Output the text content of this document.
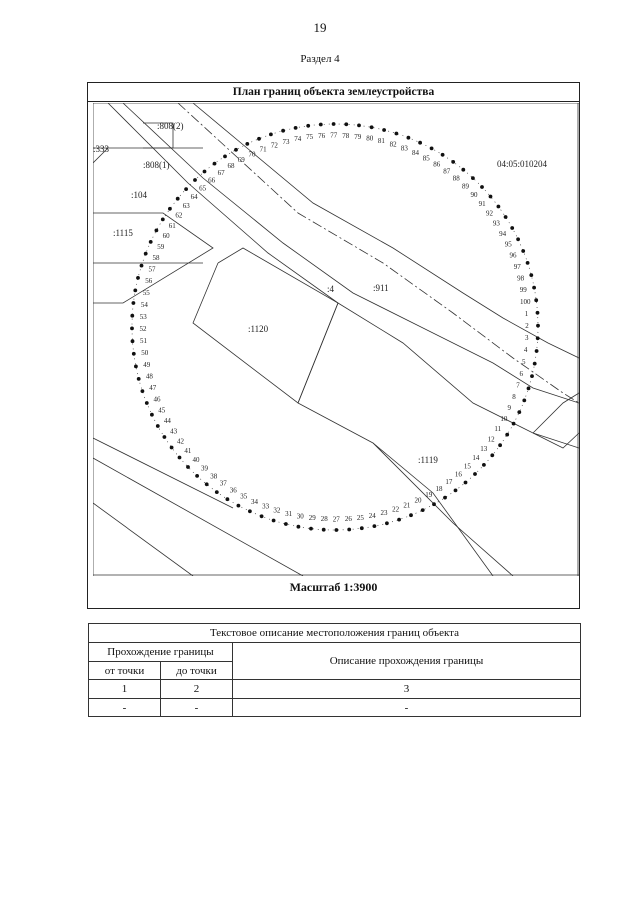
19
Раздел 4
План границ объекта землеустройства
1
2
3
4
5
6
7
8
9
10
11
12
13
14
15
16
17
18
19
20
21
22
23
24
25
26
27
28
29
30
31
32
33
34
35
36
37
38
39
40
41
42
43
44
45
46
47
48
49
50
51
52
53
54
55
56
57
58
59
60
61
62
63
64
65
66
67
68
69
70
71
72 73 74 75 76 77 78 79 80 81 82 83
84
85
86
87
88
89
90
91
92
93
94
95
96
97
98
99
100
:808(2)
:808(1)
:333
:104
:1115
:1120
:4	:911
:1119
04:05:010204
Масштаб 1:3900
Текстовое описание местоположения границ объекта		
Прохождение границы		Описание прохождения границы
от точки	до точки	
1	2	3
-	-	-
